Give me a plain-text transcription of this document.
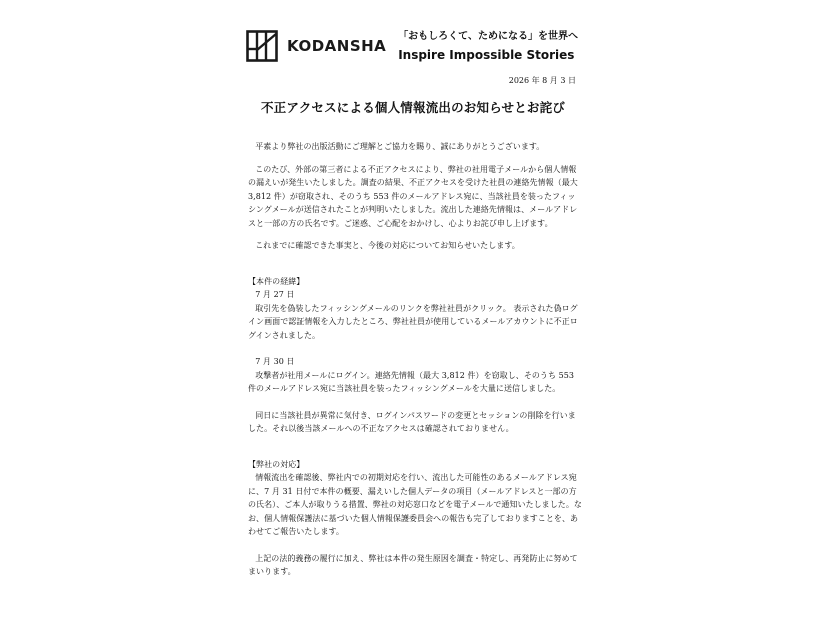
KODANSHA
「おもしろくて、ためになる」を世界へ
Inspire Impossible Stories
2026 年 8 月 3 日
不正アクセスによる個人情報流出のお知らせとお詫び

平素より弊社の出版活動にご理解とご協力を賜り、誠にありがとうございます。

このたび、外部の第三者による不正アクセスにより、弊社の社用電子メールから個人情報の漏えいが発生いたしました。調査の結果、不正アクセスを受けた社員の連絡先情報（最大 3,812 件）が窃取され、そのうち 553 件のメールアドレス宛に、当該社員を装ったフィッシングメールが送信されたことが判明いたしました。流出した連絡先情報は、メールアドレスと一部の方の氏名です。ご迷惑、ご心配をおかけし、心よりお詫び申し上げます。

これまでに確認できた事実と、今後の対応についてお知らせいたします。

【本件の経緯】

7 月 27 日

取引先を偽装したフィッシングメールのリンクを弊社社員がクリック。 表示された偽ログイン画面で認証情報を入力したところ、弊社社員が使用しているメールアカウントに不正ログインされました。

7 月 30 日

攻撃者が社用メールにログイン。連絡先情報（最大 3,812 件）を窃取し、そのうち 553 件のメールアドレス宛に当該社員を装ったフィッシングメールを大量に送信しました。

同日に当該社員が異常に気付き、ログインパスワードの変更とセッションの削除を行いました。それ以後当該メールへの不正なアクセスは確認されておりません。

【弊社の対応】

情報流出を確認後、弊社内での初期対応を行い、流出した可能性のあるメールアドレス宛に、7 月 31 日付で本件の概要、漏えいした個人データの項目（メールアドレスと一部の方の氏名）、ご本人が取りうる措置、弊社の対応窓口などを電子メールで通知いたしました。なお、個人情報保護法に基づいた個人情報保護委員会への報告も完了しておりますことを、あわせてご報告いたします。

上記の法的義務の履行に加え、弊社は本件の発生原因を調査・特定し、再発防止に努めてまいります。
